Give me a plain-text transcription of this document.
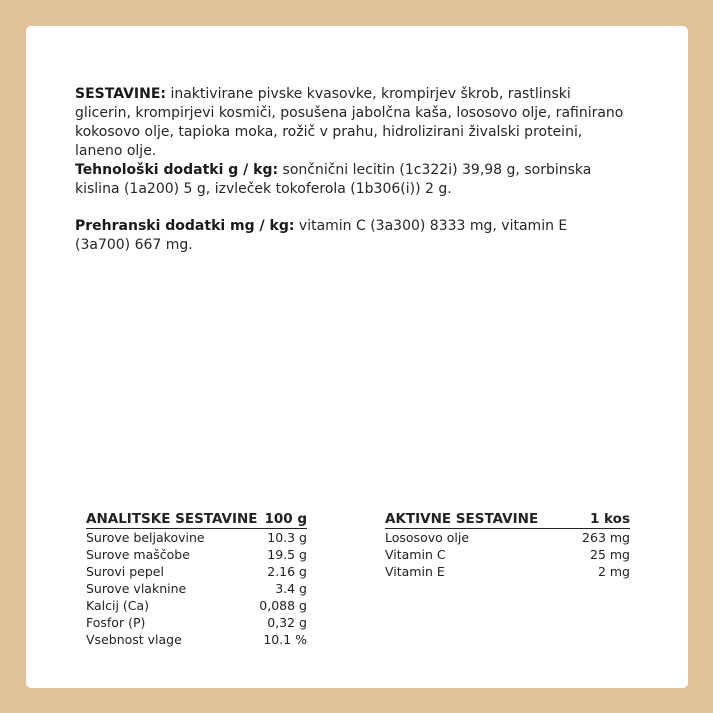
SESTAVINE: inaktivirane pivske kvasovke, krompirjev škrob, rastlinski glicerin, krompirjevi kosmiči, posušena jabolčna kaša, lososovo olje, rafinirano kokosovo olje, tapioka moka, rožič v prahu, hidrolizirani živalski proteini, laneno olje.

Tehnološki dodatki g / kg: sončnični lecitin (1c322i) 39,98 g, sorbinska kislina (1a200) 5 g, izvleček tokoferola (1b306(i)) 2 g.

Prehranski dodatki mg / kg: vitamin C (3a300) 8333 mg, vitamin E (3a700) 667 mg.

ANALITSKE SESTAVINE	100 g
Surove beljakovine	10.3 g
Surove maščobe	19.5 g
Surovi pepel	2.16 g
Surove vlaknine	3.4 g
Kalcij (Ca)	0,088 g
Fosfor (P)	0,32 g
Vsebnost vlage	10.1 %
AKTIVNE SESTAVINE	1 kos
Lososovo olje	263 mg
Vitamin C	25 mg
Vitamin E	2 mg
